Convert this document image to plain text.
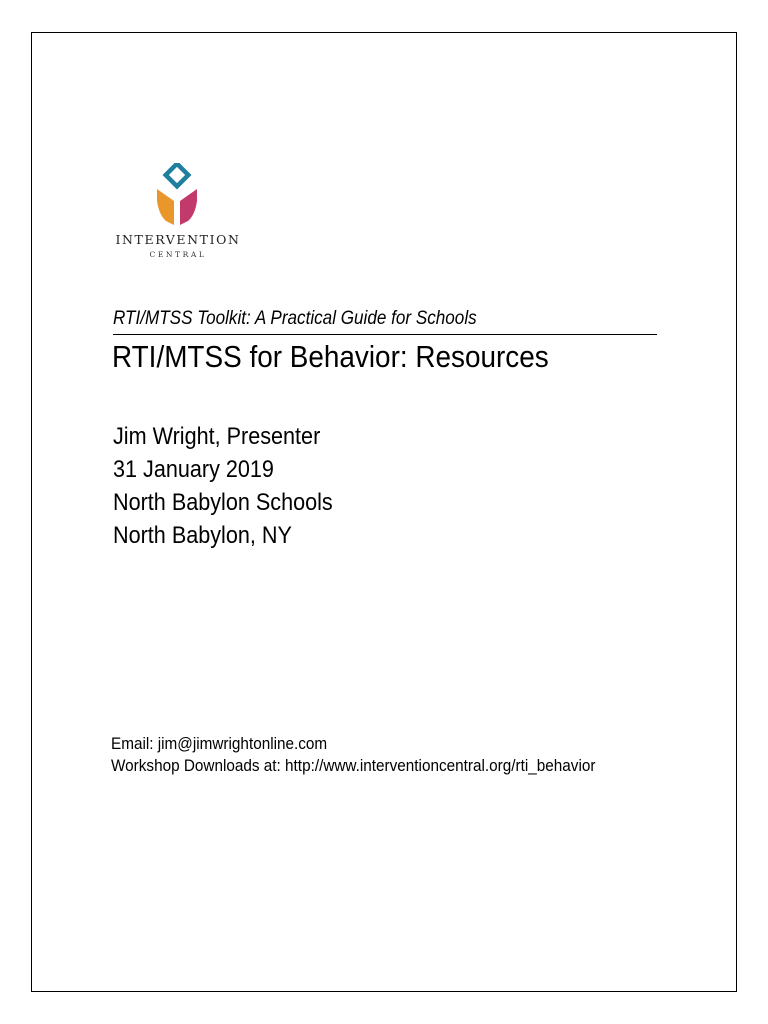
INTERVENTION
CENTRAL
RTI/MTSS Toolkit: A Practical Guide for Schools
RTI/MTSS for Behavior: Resources
Jim Wright, Presenter
31 January 2019
North Babylon Schools
North Babylon, NY
Email: jim@jimwrightonline.com
Workshop Downloads at: http://www.interventioncentral.org/rti_behavior
